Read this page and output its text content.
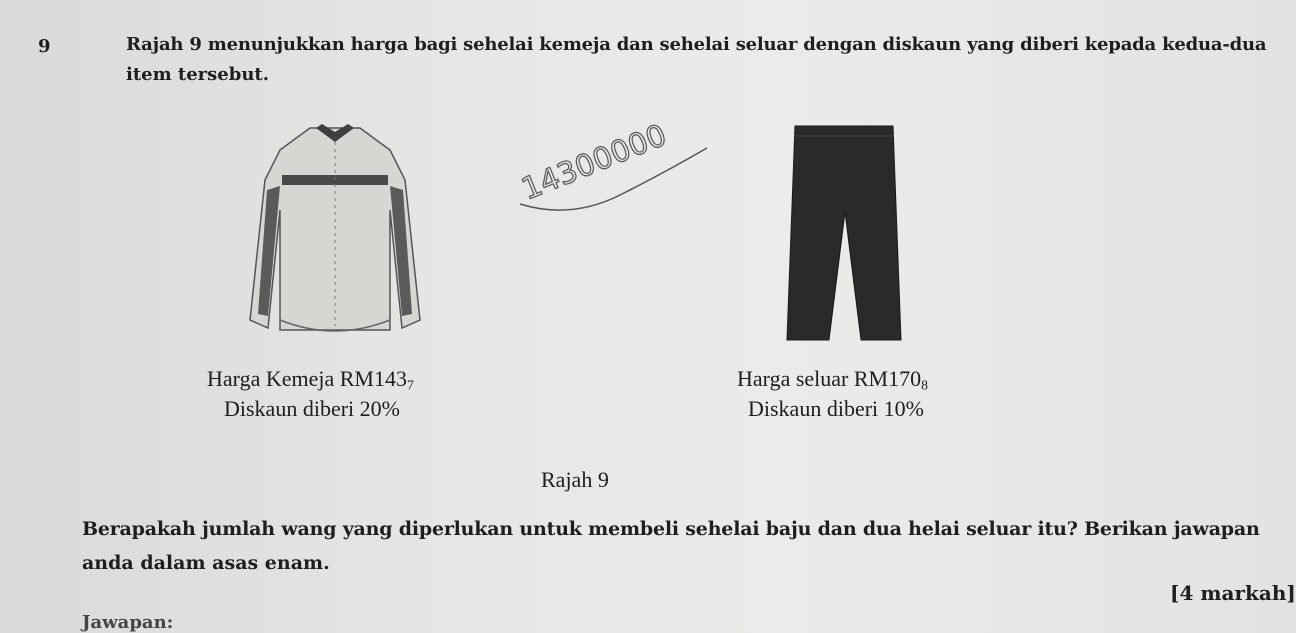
9	Rajah 9 menunjukkan harga bagi sehelai kemeja dan sehelai seluar dengan diskaun yang diberi kepada kedua-dua
item tersebut.
14300000
Harga Kemeja $RM143_7$
Diskaun diberi 20%
Harga seluar $RM170_8$
Diskaun diberi 10%
Rajah 9
Berapakah jumlah wang yang diperlukan untuk membeli sehelai baju dan dua helai seluar itu? Berikan jawapan
anda dalam asas enam.
[4 markah]
Jawapan:
